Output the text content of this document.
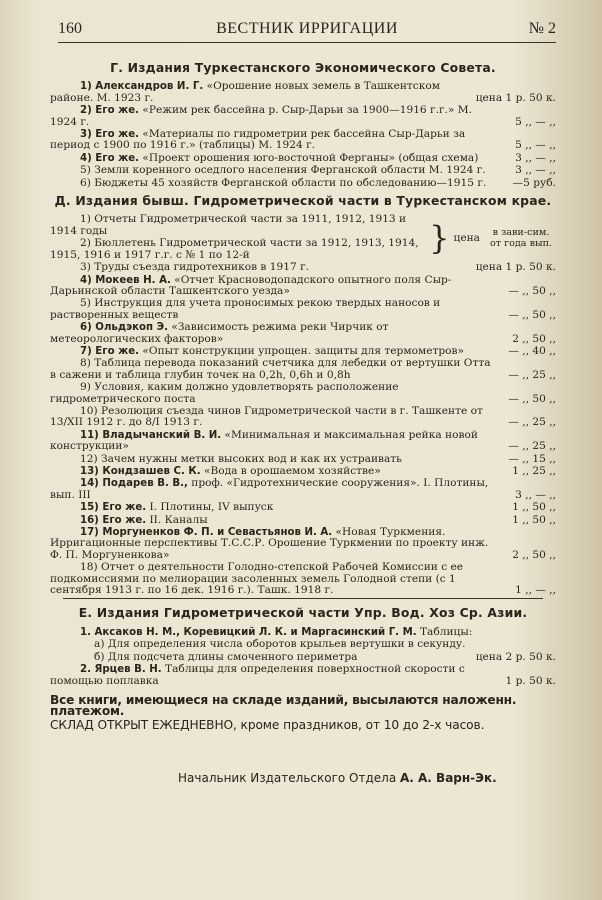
160	ВЕСТНИК ИРРИГАЦИИ	№ 2
Г. Издания Туркестанского Экономического Совета.
1) Александров И. Г. «Орошение новых земель в Ташкентском районе. М. 1923 г.	цена 1 р. 50 к.
2) Его же. «Режим рек бассейна р. Сыр-Дарьи за 1900—1916 г.г.» М. 1924 г.	5 ,, — ,,
3) Его же. «Материалы по гидрометрии рек бассейна Сыр-Дарьи за период с 1900 по 1916 г.» (таблицы) М. 1924 г.	5 ,, — ,,
4) Его же. «Проект орошения юго-восточной Ферганы» (общая схема)	3 ,, — ,,
5) Земли коренного оседлого населения Ферганской области М. 1924 г.	3 ,, — ,,
6) Бюджеты 45 хозяйств Ферганской области по обследованию—1915 г.	—5 руб.
Д. Издания бывш. Гидрометрической части в Туркестанском крае.
1) Отчеты Гидрометрической части за 1911, 1912, 1913 и 1914 годы
2) Бюллетень Гидрометрической части за 1912, 1913, 1914, 1915, 1916 и 1917 г.г. с № 1 по 12-й	} цена	в зави-сим. от года вып.
3) Труды съезда гидротехников в 1917 г.	цена 1 р. 50 к.
4) Мокеев Н. А. «Отчет Красноводопадского опытного поля Сыр-Дарьинской области Ташкентского уезда»	— ,, 50 ,,
5) Инструкция для учета проносимых рекою твердых наносов и растворенных веществ	— ,, 50 ,,
6) Ольдэкоп Э. «Зависимость режима реки Чирчик от метеорологических факторов»	2 ,, 50 ,,
7) Его же. «Опыт конструкции упрощен. защиты для термометров»	— ,, 40 ,,
8) Таблица перевода показаний счетчика для лебедки от вертушки Отта в сажени и таблица глубин точек на 0,2h, 0,6h и 0,8h	— ,, 25 ,,
9) Условия, каким должно удовлетворять расположение гидрометрического поста	— ,, 50 ,,
10) Резолюция съезда чинов Гидрометрической части в г. Ташкенте от 13/XII 1912 г. до 8/I 1913 г.	— ,, 25 ,,
11) Владычанский В. И. «Минимальная и максимальная рейка новой конструкции»	— ,, 25 ,,
12) Зачем нужны метки высоких вод и как их устраивать	— ,, 15 ,,
13) Кондзашев С. К. «Вода в орошаемом хозяйстве»	1 ,, 25 ,,
14) Подарев В. В., проф. «Гидротехнические сооружения». I. Плотины, вып. III	3 ,, — ,,
15) Его же. I. Плотины, IV выпуск	1 ,, 50 ,,
16) Его же. II. Каналы	1 ,, 50 ,,
17) Моргуненков Ф. П. и Севастьянов И. А. «Новая Туркмения. Ирригационные перспективы Т.С.С.Р. Орошение Туркмении по проекту инж. Ф. П. Моргуненкова»	2 ,, 50 ,,
18) Отчет о деятельности Голодно-степской Рабочей Комиссии с ее подкомиссиями по мелиорации засоленных земель Голодной степи (с 1 сентября 1913 г. по 16 дек. 1916 г.). Ташк. 1918 г.	1 ,, — ,,
Е. Издания Гидрометрической части Упр. Вод. Хоз Ср. Азии.
1. Аксаков Н. М., Коревицкий Л. К. и Маргасинский Г. М. Таблицы:
а) Для определения числа оборотов крыльев вертушки в секунду.
б) Для подсчета длины смоченного периметра	цена 2 р. 50 к.
2. Ярцев В. Н. Таблицы для определения поверхностной скорости с помощью поплавка	1 р. 50 к.
Все книги, имеющиеся на складе изданий, высылаются наложенн. платежом.
СКЛАД ОТКРЫТ ЕЖЕДНЕВНО, кроме праздников, от 10 до 2-х часов.
Начальник Издательского Отдела А. А. Варн-Эк.
